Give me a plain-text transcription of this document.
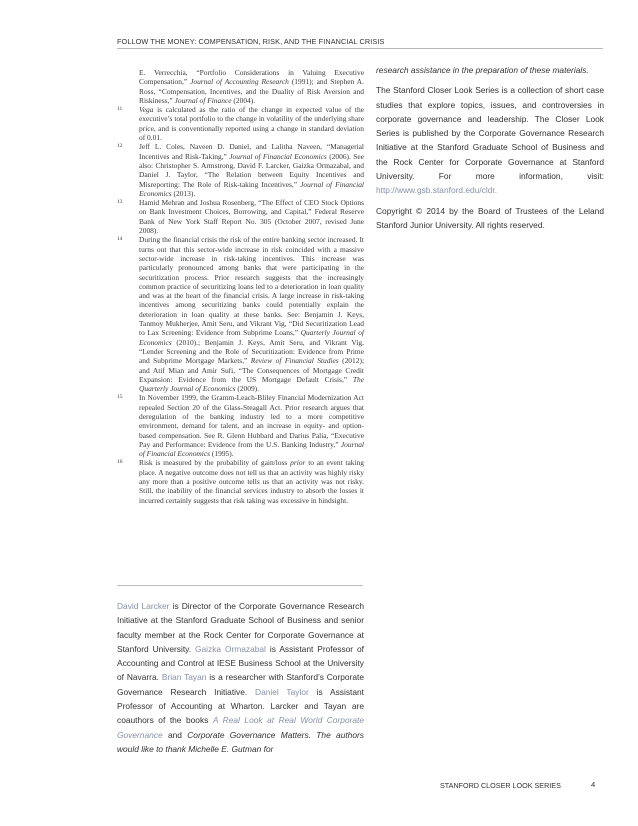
FOLLOW THE MONEY: COMPENSATION, RISK, AND THE FINANCIAL CRISIS
E. Verrecchia, “Portfolio Considerations in Valuing Executive Compensation,” Journal of Accounting Research (1991); and Stephen A. Ross, “Compensation, Incentives, and the Duality of Risk Aversion and Riskiness,” Journal of Finance (2004).
11	Vega is calculated as the ratio of the change in expected value of the executive’s total portfolio to the change in volatility of the underlying share price, and is conventionally reported using a change in standard deviation of 0.01.
12	Jeff L. Coles, Naveen D. Daniel, and Lalitha Naveen, “Managerial Incentives and Risk-Taking,” Journal of Financial Economics (2006). See also: Christopher S. Armstrong, David F. Larcker, Gaizka Ormazabal, and Daniel J. Taylor, “The Relation between Equity Incentives and Misreporting: The Role of Risk-taking Incentives,” Journal of Financial Economics (2013).
13	Hamid Mehran and Joshua Rosenberg, “The Effect of CEO Stock Options on Bank Investment Choices, Borrowing, and Capital,” Federal Reserve Bank of New York Staff Report No. 305 (October 2007, revised June 2008).
14	During the financial crisis the risk of the entire banking sector increased. It turns out that this sector-wide increase in risk coincided with a massive sector-wide increase in risk-taking incentives. This increase was particularly pronounced among banks that were participating in the securitization process. Prior research suggests that the increasingly common practice of securitizing loans led to a deterioration in loan quality and was at the heart of the financial crisis. A large increase in risk-taking incentives among securitizing banks could potentially explain the deterioration in loan quality at these banks. See: Benjamin J. Keys, Tanmoy Mukherjee, Amit Seru, and Vikrant Vig, “Did Securitization Lead to Lax Screening: Evidence from Subprime Loans,” Quarterly Journal of Economics (2010).; Benjamin J. Keys, Amit Seru, and Vikrant Vig, “Lender Screening and the Role of Securitization: Evidence from Prime and Subprime Mortgage Markets,” Review of Financial Studies (2012); and Atif Mian and Amir Sufi, “The Consequences of Mortgage Credit Expansion: Evidence from the US Mortgage Default Crisis,” The Quarterly Journal of Economics (2009).
15	In November 1999, the Gramm-Leach-Bliley Financial Modernization Act repealed Section 20 of the Glass-Steagall Act. Prior research argues that deregulation of the banking industry led to a more competitive environment, demand for talent, and an increase in equity- and option-based compensation. See R. Glenn Hubbard and Darius Palia, “Executive Pay and Performance: Evidence from the U.S. Banking Industry,” Journal of Financial Economics (1995).
16	Risk is measured by the probability of gain/loss prior to an event taking place. A negative outcome does not tell us that an activity was highly risky any more than a positive outcome tells us that an activity was not risky. Still, the inability of the financial services industry to absorb the losses it incurred certainly suggests that risk taking was excessive in hindsight.
David Larcker is Director of the Corporate Governance Research Initiative at the Stanford Graduate School of Business and senior faculty member at the Rock Center for Corporate Governance at Stanford University. Gaizka Ormazabal is Assistant Professor of Accounting and Control at IESE Business School at the University of Navarra. Brian Tayan is a researcher with Stanford’s Corporate Governance Research Initiative. Daniel Taylor is Assistant Professor of Accounting at Wharton. Larcker and Tayan are coauthors of the books A Real Look at Real World Corporate Governance and Corporate Governance Matters. The authors would like to thank Michelle E. Gutman for

research assistance in the preparation of these materials.

The Stanford Closer Look Series is a collection of short case studies that explore topics, issues, and controversies in corporate governance and leadership. The Closer Look Series is published by the Corporate Governance Research Initiative at the Stanford Graduate School of Business and the Rock Center for Corporate Governance at Stanford University. For more information, visit: http://www.gsb.stanford.edu/cldr.

Copyright © 2014 by the Board of Trustees of the Leland Stanford Junior University. All rights reserved.

STANFORD CLOSER LOOK SERIES	4
